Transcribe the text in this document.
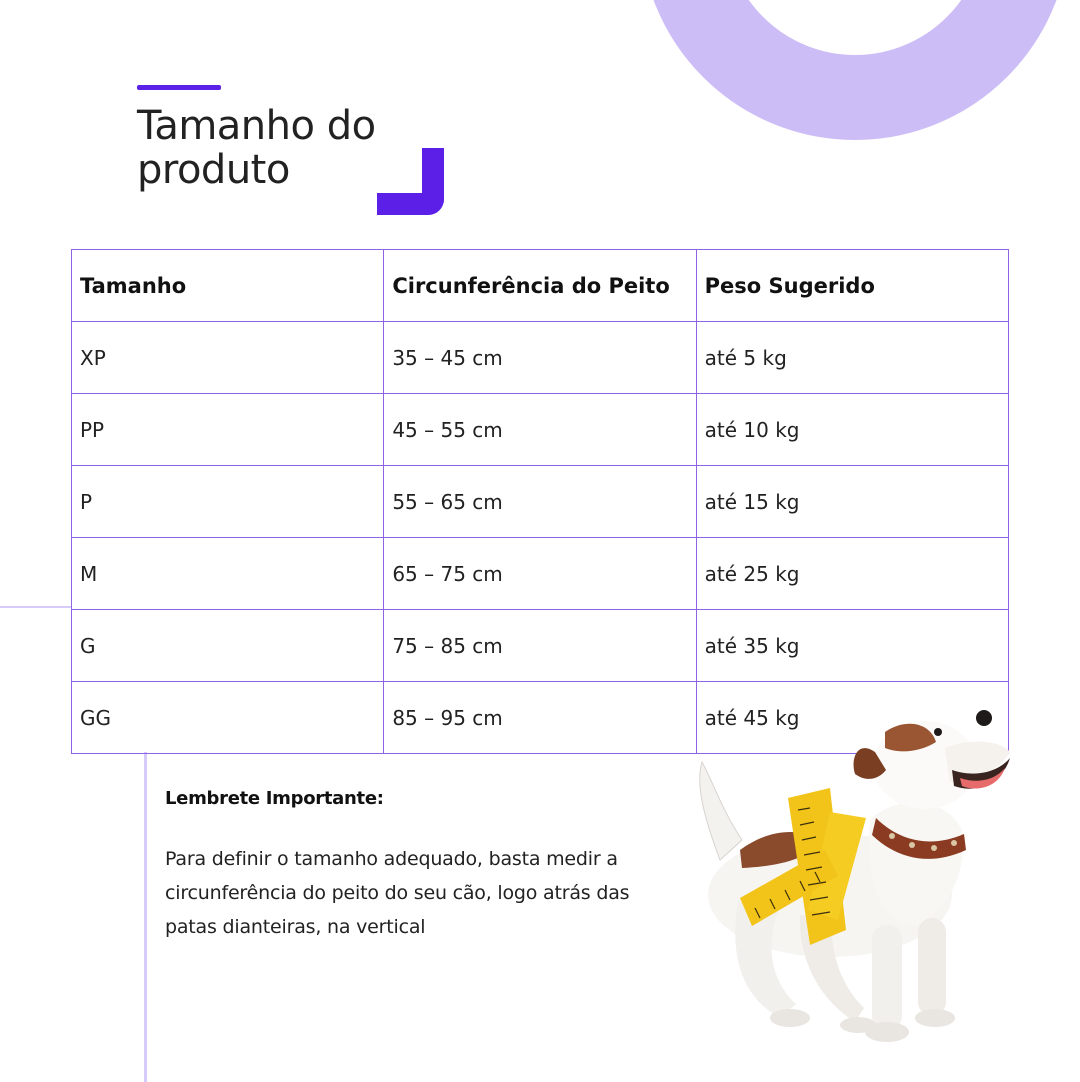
Tamanho do
produto
Tamanho	Circunferência do Peito	Peso Sugerido
XP	35 – 45 cm	até 5 kg
PP	45 – 55 cm	até 10 kg
P	55 – 65 cm	até 15 kg
M	65 – 75 cm	até 25 kg
G	75 – 85 cm	até 35 kg
GG	85 – 95 cm	até 45 kg

Lembrete Importante:

Para definir o tamanho adequado, basta medir a circunferência do peito do seu cão, logo atrás das patas dianteiras, na vertical
